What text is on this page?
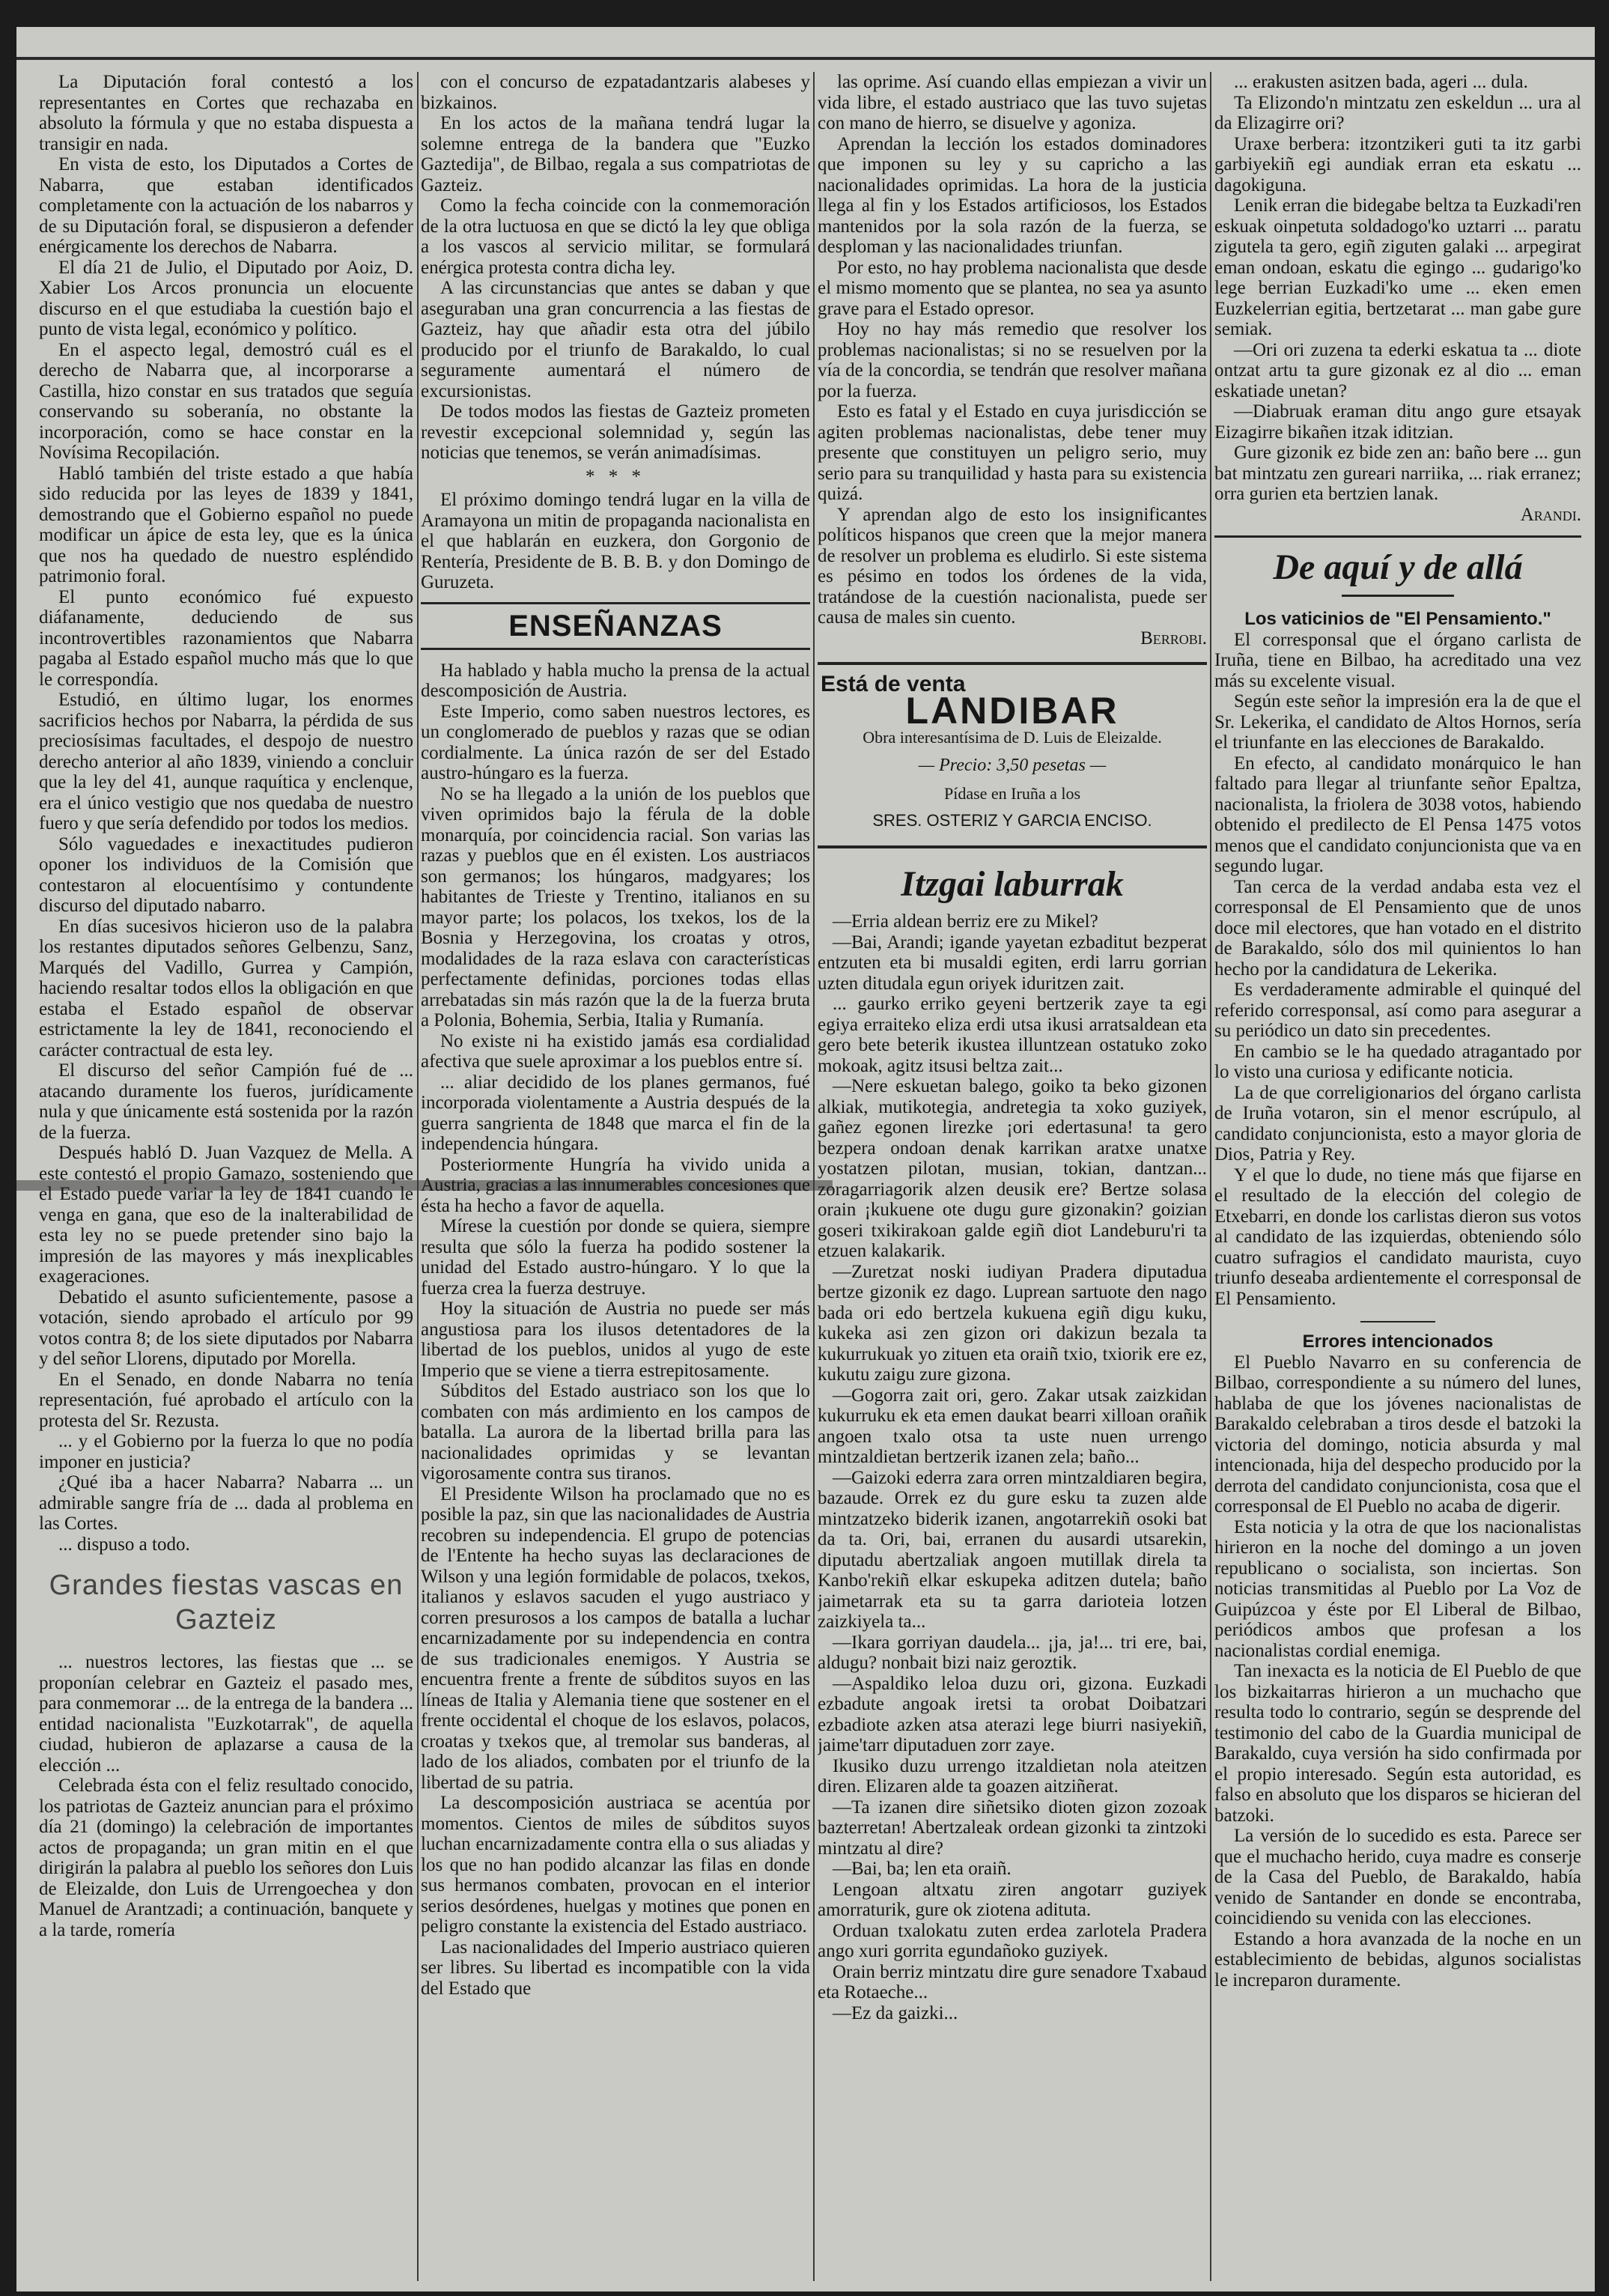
La Diputación foral contestó a los representantes en Cortes que rechazaba en absoluto la fórmula y que no estaba dispuesta a transigir en nada.

En vista de esto, los Diputados a Cortes de Nabarra, que estaban identificados completamente con la actuación de los nabarros y de su Diputación foral, se dispusieron a defender enérgicamente los derechos de Nabarra.

El día 21 de Julio, el Diputado por Aoiz, D. Xabier Los Arcos pronuncia un elocuente discurso en el que estudiaba la cuestión bajo el punto de vista legal, económico y político.

En el aspecto legal, demostró cuál es el derecho de Nabarra que, al incorporarse a Castilla, hizo constar en sus tratados que seguía conservando su soberanía, no obstante la incorporación, como se hace constar en la Novísima Recopilación.

Habló también del triste estado a que había sido reducida por las leyes de 1839 y 1841, demostrando que el Gobierno español no puede modificar un ápice de esta ley, que es la única que nos ha quedado de nuestro espléndido patrimonio foral.

El punto económico fué expuesto diáfanamente, deduciendo de sus incontrovertibles razonamientos que Nabarra pagaba al Estado español mucho más que lo que le correspondía.

Estudió, en último lugar, los enormes sacrificios hechos por Nabarra, la pérdida de sus preciosísimas facultades, el despojo de nuestro derecho anterior al año 1839, viniendo a concluir que la ley del 41, aunque raquítica y enclenque, era el único vestigio que nos quedaba de nuestro fuero y que sería defendido por todos los medios.

Sólo vaguedades e inexactitudes pudieron oponer los individuos de la Comisión que contestaron al elocuentísimo y contundente discurso del diputado nabarro.

En días sucesivos hicieron uso de la palabra los restantes diputados señores Gelbenzu, Sanz, Marqués del Vadillo, Gurrea y Campión, haciendo resaltar todos ellos la obligación en que estaba el Estado español de observar estrictamente la ley de 1841, reconociendo el carácter contractual de esta ley.

El discurso del señor Campión fué de ... atacando duramente los fueros, jurídicamente nula y que únicamente está sostenida por la razón de la fuerza.

Después habló D. Juan Vazquez de Mella. A este contestó el propio Gamazo, sosteniendo que el Estado puede variar la ley de 1841 cuando le venga en gana, que eso de la inalterabilidad de esta ley no se puede pretender sino bajo la impresión de las mayores y más inexplicables exageraciones.

Debatido el asunto suficientemente, pasose a votación, siendo aprobado el artículo por 99 votos contra 8; de los siete diputados por Nabarra y del señor Llorens, diputado por Morella.

En el Senado, en donde Nabarra no tenía representación, fué aprobado el artículo con la protesta del Sr. Rezusta.

... y el Gobierno por la fuerza lo que no podía imponer en justicia?

¿Qué iba a hacer Nabarra? Nabarra ... un admirable sangre fría de ... dada al problema en las Cortes.

... dispuso a todo.

Grandes fiestas vascas en Gazteiz

... nuestros lectores, las fiestas que ... se proponían celebrar en Gazteiz el pasado mes, para conmemorar ... de la entrega de la bandera ... entidad nacionalista "Euzkotarrak", de aquella ciudad, hubieron de aplazarse a causa de la elección ...

Celebrada ésta con el feliz resultado conocido, los patriotas de Gazteiz anuncian para el próximo día 21 (domingo) la celebración de importantes actos de propaganda; un gran mitin en el que dirigirán la palabra al pueblo los señores don Luis de Eleizalde, don Luis de Urrengoechea y don Manuel de Arantzadi; a continuación, banquete y a la tarde, romería

con el concurso de ezpatadantzaris alabeses y bizkainos.

En los actos de la mañana tendrá lugar la solemne entrega de la bandera que "Euzko Gaztedija", de Bilbao, regala a sus compatriotas de Gazteiz.

Como la fecha coincide con la conmemoración de la otra luctuosa en que se dictó la ley que obliga a los vascos al servicio militar, se formulará enérgica protesta contra dicha ley.

A las circunstancias que antes se daban y que aseguraban una gran concurrencia a las fiestas de Gazteiz, hay que añadir esta otra del júbilo producido por el triunfo de Barakaldo, lo cual seguramente aumentará el número de excursionistas.

De todos modos las fiestas de Gazteiz prometen revestir excepcional solemnidad y, según las noticias que tenemos, se verán animadísimas.

* * *

El próximo domingo tendrá lugar en la villa de Aramayona un mitin de propaganda nacionalista en el que hablarán en euzkera, don Gorgonio de Rentería, Presidente de B. B. B. y don Domingo de Guruzeta.

ENSEÑANZAS

Ha hablado y habla mucho la prensa de la actual descomposición de Austria.

Este Imperio, como saben nuestros lectores, es un conglomerado de pueblos y razas que se odian cordialmente. La única razón de ser del Estado austro-húngaro es la fuerza.

No se ha llegado a la unión de los pueblos que viven oprimidos bajo la férula de la doble monarquía, por coincidencia racial. Son varias las razas y pueblos que en él existen. Los austriacos son germanos; los húngaros, madgyares; los habitantes de Trieste y Trentino, italianos en su mayor parte; los polacos, los txekos, los de la Bosnia y Herzegovina, los croatas y otros, modalidades de la raza eslava con características perfectamente definidas, porciones todas ellas arrebatadas sin más razón que la de la fuerza bruta a Polonia, Bohemia, Serbia, Italia y Rumanía.

No existe ni ha existido jamás esa cordialidad afectiva que suele aproximar a los pueblos entre sí.

... aliar decidido de los planes germanos, fué incorporada violentamente a Austria después de la guerra sangrienta de 1848 que marca el fin de la independencia húngara.

Posteriormente Hungría ha vivido unida a Austria, gracias a las innumerables concesiones que ésta ha hecho a favor de aquella.

Mírese la cuestión por donde se quiera, siempre resulta que sólo la fuerza ha podido sostener la unidad del Estado austro-húngaro. Y lo que la fuerza crea la fuerza destruye.

Hoy la situación de Austria no puede ser más angustiosa para los ilusos detentadores de la libertad de los pueblos, unidos al yugo de este Imperio que se viene a tierra estrepitosamente.

Súbditos del Estado austriaco son los que lo combaten con más ardimiento en los campos de batalla. La aurora de la libertad brilla para las nacionalidades oprimidas y se levantan vigorosamente contra sus tiranos.

El Presidente Wilson ha proclamado que no es posible la paz, sin que las nacionalidades de Austria recobren su independencia. El grupo de potencias de l'Entente ha hecho suyas las declaraciones de Wilson y una legión formidable de polacos, txekos, italianos y eslavos sacuden el yugo austriaco y corren presurosos a los campos de batalla a luchar encarnizadamente por su independencia en contra de sus tradicionales enemigos. Y Austria se encuentra frente a frente de súbditos suyos en las líneas de Italia y Alemania tiene que sostener en el frente occidental el choque de los eslavos, polacos, croatas y txekos que, al tremolar sus banderas, al lado de los aliados, combaten por el triunfo de la libertad de su patria.

La descomposición austriaca se acentúa por momentos. Cientos de miles de súbditos suyos luchan encarnizadamente contra ella o sus aliadas y los que no han podido alcanzar las filas en donde sus hermanos combaten, provocan en el interior serios desórdenes, huelgas y motines que ponen en peligro constante la existencia del Estado austriaco.

Las nacionalidades del Imperio austriaco quieren ser libres. Su libertad es incompatible con la vida del Estado que

las oprime. Así cuando ellas empiezan a vivir un vida libre, el estado austriaco que las tuvo sujetas con mano de hierro, se disuelve y agoniza.

Aprendan la lección los estados dominadores que imponen su ley y su capricho a las nacionalidades oprimidas. La hora de la justicia llega al fin y los Estados artificiosos, los Estados mantenidos por la sola razón de la fuerza, se desploman y las nacionalidades triunfan.

Por esto, no hay problema nacionalista que desde el mismo momento que se plantea, no sea ya asunto grave para el Estado opresor.

Hoy no hay más remedio que resolver los problemas nacionalistas; si no se resuelven por la vía de la concordia, se tendrán que resolver mañana por la fuerza.

Esto es fatal y el Estado en cuya jurisdicción se agiten problemas nacionalistas, debe tener muy presente que constituyen un peligro serio, muy serio para su tranquilidad y hasta para su existencia quizá.

Y aprendan algo de esto los insignificantes políticos hispanos que creen que la mejor manera de resolver un problema es eludirlo. Si este sistema es pésimo en todos los órdenes de la vida, tratándose de la cuestión nacionalista, puede ser causa de males sin cuento.

Berrobi.

Está de venta
LANDIBAR
Obra interesantísima de D. Luis de Eleizalde.
— Precio: 3,50 pesetas —
Pídase en Iruña a los
SRES. OSTERIZ Y GARCIA ENCISO.
Itzgai laburrak

—Erria aldean berriz ere zu Mikel?

—Bai, Arandi; igande yayetan ezbaditut bezperat entzuten eta bi musaldi egiten, erdi larru gorrian uzten ditudala egun oriyek iduritzen zait.

... gaurko erriko geyeni bertzerik zaye ta egi egiya erraiteko eliza erdi utsa ikusi arratsaldean eta gero bete beterik ikustea illuntzean ostatuko zoko mokoak, agitz itsusi beltza zait...

—Nere eskuetan balego, goiko ta beko gizonen alkiak, mutikotegia, andretegia ta xoko guziyek, gañez egonen lirezke ¡ori edertasuna! ta gero bezpera ondoan denak karrikan aratxe unatxe yostatzen pilotan, musian, tokian, dantzan... zoragarriagorik alzen deusik ere? Bertze solasa orain ¡kukuene ote dugu gure gizonakin? goizian goseri txikirakoan galde egiñ diot Landeburu'ri ta etzuen kalakarik.

—Zuretzat noski iudiyan Pradera diputadua bertze gizonik ez dago. Luprean sartuote den nago bada ori edo bertzela kukuena egiñ digu kuku, kukeka asi zen gizon ori dakizun bezala ta kukurrukuak yo zituen eta oraiñ txio, txiorik ere ez, kukutu zaigu zure gizona.

—Gogorra zait ori, gero. Zakar utsak zaizkidan kukurruku ek eta emen daukat bearri xilloan orañik angoen txalo otsa ta uste nuen urrengo mintzaldietan bertzerik izanen zela; baño...

—Gaizoki ederra zara orren mintzaldiaren begira, bazaude. Orrek ez du gure esku ta zuzen alde mintzatzeko biderik izanen, angotarrekiñ osoki bat da ta. Ori, bai, erranen du ausardi utsarekin, diputadu abertzaliak angoen mutillak direla ta Kanbo'rekiñ elkar eskupeka aditzen dutela; baño jaimetarrak eta su ta garra darioteia lotzen zaizkiyela ta...

—Ikara gorriyan daudela... ¡ja, ja!... tri ere, bai, aldugu? nonbait bizi naiz geroztik.

—Aspaldiko leloa duzu ori, gizona. Euzkadi ezbadute angoak iretsi ta orobat Doibatzari ezbadiote azken atsa aterazi lege biurri nasiyekiñ, jaime'tarr diputaduen zorr zaye.

Ikusiko duzu urrengo itzaldietan nola ateitzen diren. Elizaren alde ta goazen aitziñerat.

—Ta izanen dire siñetsiko dioten gizon zozoak bazterretan! Abertzaleak ordean gizonki ta zintzoki mintzatu al dire?

—Bai, ba; len eta oraiñ.

Lengoan altxatu ziren angotarr guziyek amorraturik, gure ok ziotena adituta.

Orduan txalokatu zuten erdea zarlotela Pradera ango xuri gorrita egundañoko guziyek.

Orain berriz mintzatu dire gure senadore Txabaud eta Rotaeche...

—Ez da gaizki...

... erakusten asitzen bada, ageri ... dula.

Ta Elizondo'n mintzatu zen eskeldun ... ura al da Elizagirre ori?

Uraxe berbera: itzontzikeri guti ta itz garbi garbiyekiñ egi aundiak erran eta eskatu ... dagokiguna.

Lenik erran die bidegabe beltza ta Euzkadi'ren eskuak oinpetuta soldadogo'ko uztarri ... paratu zigutela ta gero, egiñ ziguten galaki ... arpegirat eman ondoan, eskatu die egingo ... gudarigo'ko lege berrian Euzkadi'ko ume ... eken emen Euzkelerrian egitia, bertzetarat ... man gabe gure semiak.

—Ori ori zuzena ta ederki eskatua ta ... diote ontzat artu ta gure gizonak ez al dio ... eman eskatiade unetan?

—Diabruak eraman ditu ango gure etsayak Eizagirre bikañen itzak iditzian.

Gure gizonik ez bide zen an: baño bere ... gun bat mintzatu zen gureari narriika, ... riak erranez; orra gurien eta bertzien lanak.

Arandi.

De aquí y de allá

Los vaticinios de "El Pensamiento."

El corresponsal que el órgano carlista de Iruña, tiene en Bilbao, ha acreditado una vez más su excelente visual.

Según este señor la impresión era la de que el Sr. Lekerika, el candidato de Altos Hornos, sería el triunfante en las elecciones de Barakaldo.

En efecto, al candidato monárquico le han faltado para llegar al triunfante señor Epaltza, nacionalista, la friolera de 3038 votos, habiendo obtenido el predilecto de El Pensa 1475 votos menos que el candidato conjuncionista que va en segundo lugar.

Tan cerca de la verdad andaba esta vez el corresponsal de El Pensamiento que de unos doce mil electores, que han votado en el distrito de Barakaldo, sólo dos mil quinientos lo han hecho por la candidatura de Lekerika.

Es verdaderamente admirable el quinqué del referido corresponsal, así como para asegurar a su periódico un dato sin precedentes.

En cambio se le ha quedado atragantado por lo visto una curiosa y edificante noticia.

La de que correligionarios del órgano carlista de Iruña votaron, sin el menor escrúpulo, al candidato conjuncionista, esto a mayor gloria de Dios, Patria y Rey.

Y el que lo dude, no tiene más que fijarse en el resultado de la elección del colegio de Etxebarri, en donde los carlistas dieron sus votos al candidato de las izquierdas, obteniendo sólo cuatro sufragios el candidato maurista, cuyo triunfo deseaba ardientemente el corresponsal de El Pensamiento.

Errores intencionados

El Pueblo Navarro en su conferencia de Bilbao, correspondiente a su número del lunes, hablaba de que los jóvenes nacionalistas de Barakaldo celebraban a tiros desde el batzoki la victoria del domingo, noticia absurda y mal intencionada, hija del despecho producido por la derrota del candidato conjuncionista, cosa que el corresponsal de El Pueblo no acaba de digerir.

Esta noticia y la otra de que los nacionalistas hirieron en la noche del domingo a un joven republicano o socialista, son inciertas. Son noticias transmitidas al Pueblo por La Voz de Guipúzcoa y éste por El Liberal de Bilbao, periódicos ambos que profesan a los nacionalistas cordial enemiga.

Tan inexacta es la noticia de El Pueblo de que los bizkaitarras hirieron a un muchacho que resulta todo lo contrario, según se desprende del testimonio del cabo de la Guardia municipal de Barakaldo, cuya versión ha sido confirmada por el propio interesado. Según esta autoridad, es falso en absoluto que los disparos se hicieran del batzoki.

La versión de lo sucedido es esta. Parece ser que el muchacho herido, cuya madre es conserje de la Casa del Pueblo, de Barakaldo, había venido de Santander en donde se encontraba, coincidiendo su venida con las elecciones.

Estando a hora avanzada de la noche en un establecimiento de bebidas, algunos socialistas le increparon duramente.
